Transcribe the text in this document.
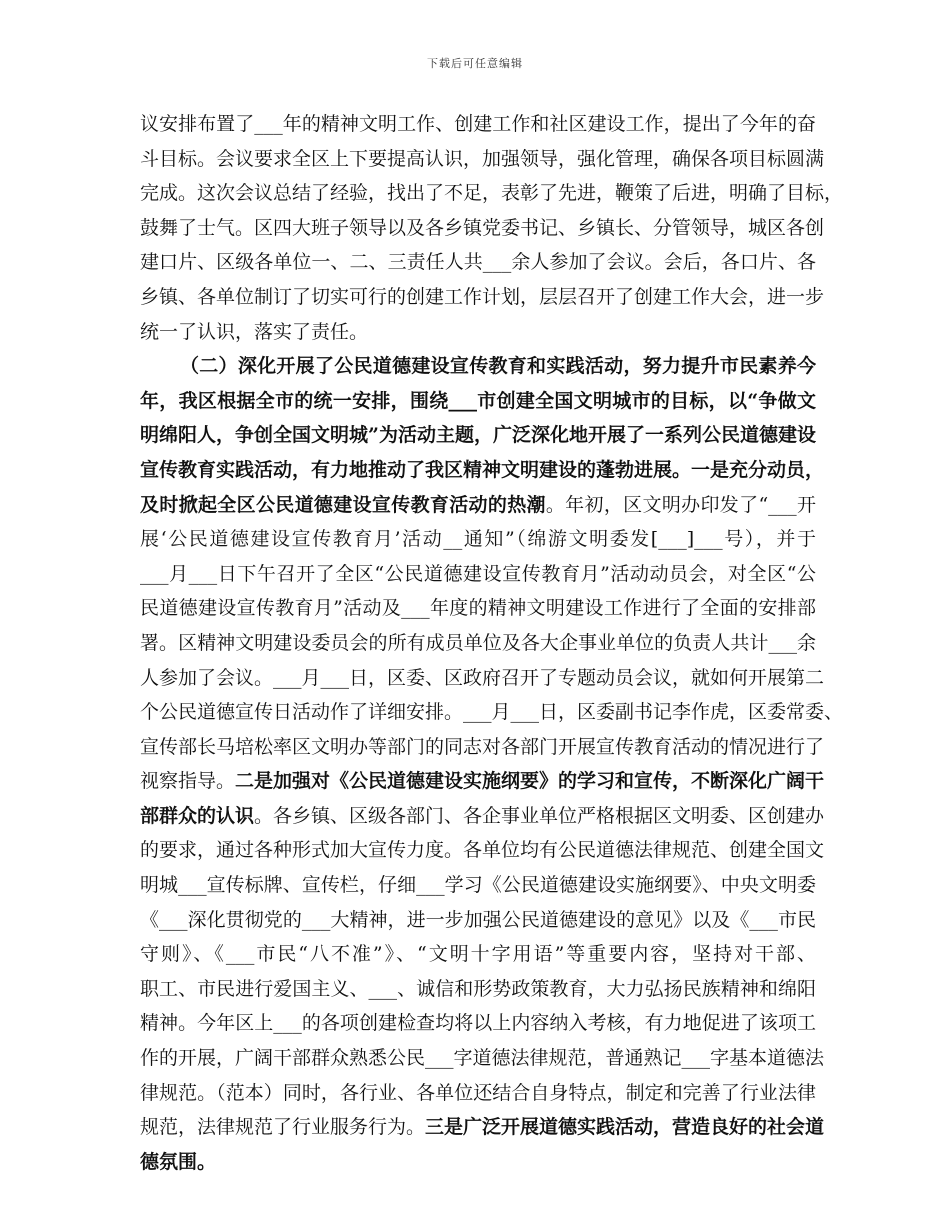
下载后可任意编辑
议安排布置了___年的精神文明工作、创建工作和社区建设工作，提出了今年的奋
斗目标。会议要求全区上下要提高认识，加强领导，强化管理，确保各项目标圆满
完成。这次会议总结了经验，找出了不足，表彰了先进，鞭策了后进，明确了目标，
鼓舞了士气。区四大班子领导以及各乡镇党委书记、乡镇长、分管领导，城区各创
建口片、区级各单位一、二、三责任人共___余人参加了会议。会后，各口片、各
乡镇、各单位制订了切实可行的创建工作计划，层层召开了创建工作大会，进一步
统一了认识，落实了责任。
（二）深化开展了公民道德建设宣传教育和实践活动，努力提升市民素养今
年，我区根据全市的统一安排，围绕___市创建全国文明城市的目标，以“争做文
明绵阳人，争创全国文明城”为活动主题，广泛深化地开展了一系列公民道德建设
宣传教育实践活动，有力地推动了我区精神文明建设的蓬勃进展。一是充分动员，
及时掀起全区公民道德建设宣传教育活动的热潮。年初，区文明办印发了“___开
展‘公民道德建设宣传教育月’活动__通知”（绵游文明委发[___]___号），并于
___月___日下午召开了全区“公民道德建设宣传教育月”活动动员会，对全区“公
民道德建设宣传教育月”活动及___年度的精神文明建设工作进行了全面的安排部
署。区精神文明建设委员会的所有成员单位及各大企事业单位的负责人共计___余
人参加了会议。___月___日，区委、区政府召开了专题动员会议，就如何开展第二
个公民道德宣传日活动作了详细安排。___月___日，区委副书记李作虎，区委常委、
宣传部长马培松率区文明办等部门的同志对各部门开展宣传教育活动的情况进行了
视察指导。二是加强对《公民道德建设实施纲要》的学习和宣传，不断深化广阔干
部群众的认识。各乡镇、区级各部门、各企事业单位严格根据区文明委、区创建办
的要求，通过各种形式加大宣传力度。各单位均有公民道德法律规范、创建全国文
明城___宣传标牌、宣传栏，仔细___学习《公民道德建设实施纲要》、中央文明委
《___深化贯彻党的___大精神，进一步加强公民道德建设的意见》以及《___市民
守则》、《___市民“八不准”》、“文明十字用语”等重要内容，坚持对干部、
职工、市民进行爱国主义、___、诚信和形势政策教育，大力弘扬民族精神和绵阳
精神。今年区上___的各项创建检查均将以上内容纳入考核，有力地促进了该项工
作的开展，广阔干部群众熟悉公民___字道德法律规范，普通熟记___字基本道德法
律规范。（范本）同时，各行业、各单位还结合自身特点，制定和完善了行业法律
规范，法律规范了行业服务行为。三是广泛开展道德实践活动，营造良好的社会道
德氛围。
